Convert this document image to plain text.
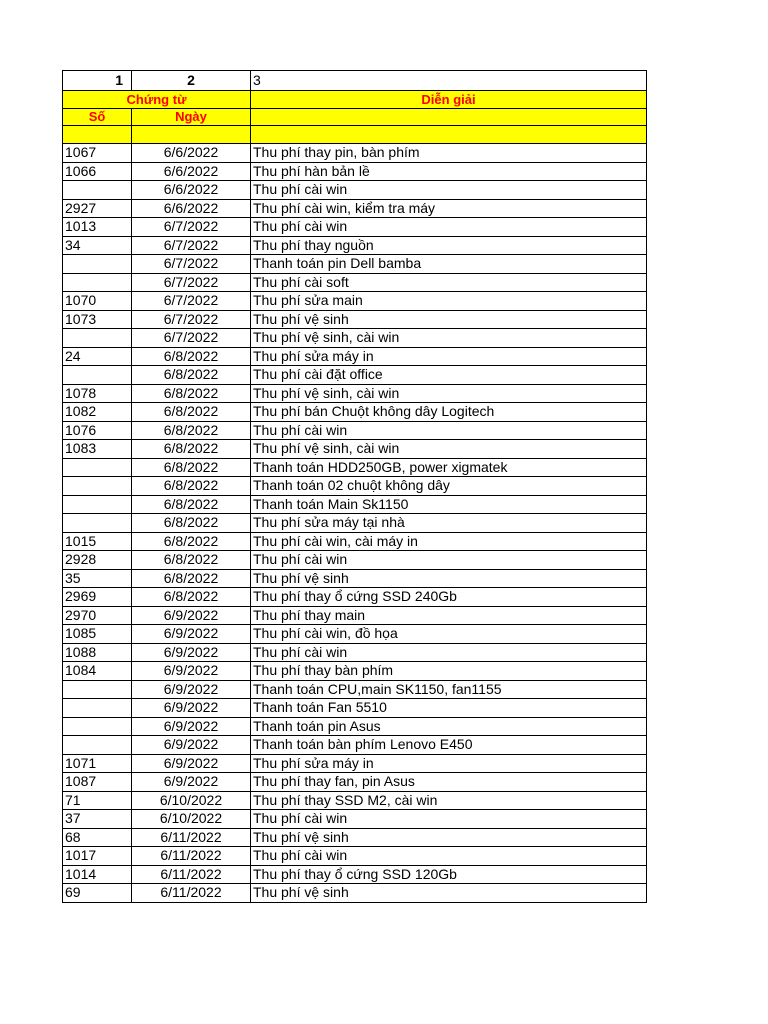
1	2	3
Chứng từ		Diễn giải
Số	Ngày	

1067	6/6/2022	Thu phí thay pin, bàn phím
1066	6/6/2022	Thu phí hàn bản lề
	6/6/2022	Thu phí cài win
2927	6/6/2022	Thu phí cài win, kiểm tra máy
1013	6/7/2022	Thu phí cài win
34	6/7/2022	Thu phí thay nguồn
	6/7/2022	Thanh toán pin Dell bamba
	6/7/2022	Thu phí cài soft
1070	6/7/2022	Thu phí sửa main
1073	6/7/2022	Thu phí vệ sinh
	6/7/2022	Thu phí vệ sinh, cài win
24	6/8/2022	Thu phí sửa máy in
	6/8/2022	Thu phí cài đặt office
1078	6/8/2022	Thu phí vệ sinh, cài win
1082	6/8/2022	Thu phí bán Chuột không dây Logitech
1076	6/8/2022	Thu phí cài win
1083	6/8/2022	Thu phí vệ sinh, cài win
	6/8/2022	Thanh toán HDD250GB, power xigmatek
	6/8/2022	Thanh toán 02 chuột không dây
	6/8/2022	Thanh toán Main Sk1150
	6/8/2022	Thu phí sửa máy tại nhà
1015	6/8/2022	Thu phí cài win, cài máy in
2928	6/8/2022	Thu phí cài win
35	6/8/2022	Thu phí vệ sinh
2969	6/8/2022	Thu phí thay ổ cứng SSD 240Gb
2970	6/9/2022	Thu phí thay main
1085	6/9/2022	Thu phí cài win, đồ họa
1088	6/9/2022	Thu phí cài win
1084	6/9/2022	Thu phí thay bàn phím
	6/9/2022	Thanh toán CPU,main SK1150, fan1155
	6/9/2022	Thanh toán Fan 5510
	6/9/2022	Thanh toán pin Asus
	6/9/2022	Thanh toán bàn phím Lenovo E450
1071	6/9/2022	Thu phí sửa máy in
1087	6/9/2022	Thu phí thay fan, pin Asus
71	6/10/2022	Thu phí thay SSD M2, cài win
37	6/10/2022	Thu phí cài win
68	6/11/2022	Thu phí vệ sinh
1017	6/11/2022	Thu phí cài win
1014	6/11/2022	Thu phí thay ổ cứng SSD 120Gb
69	6/11/2022	Thu phí vệ sinh
